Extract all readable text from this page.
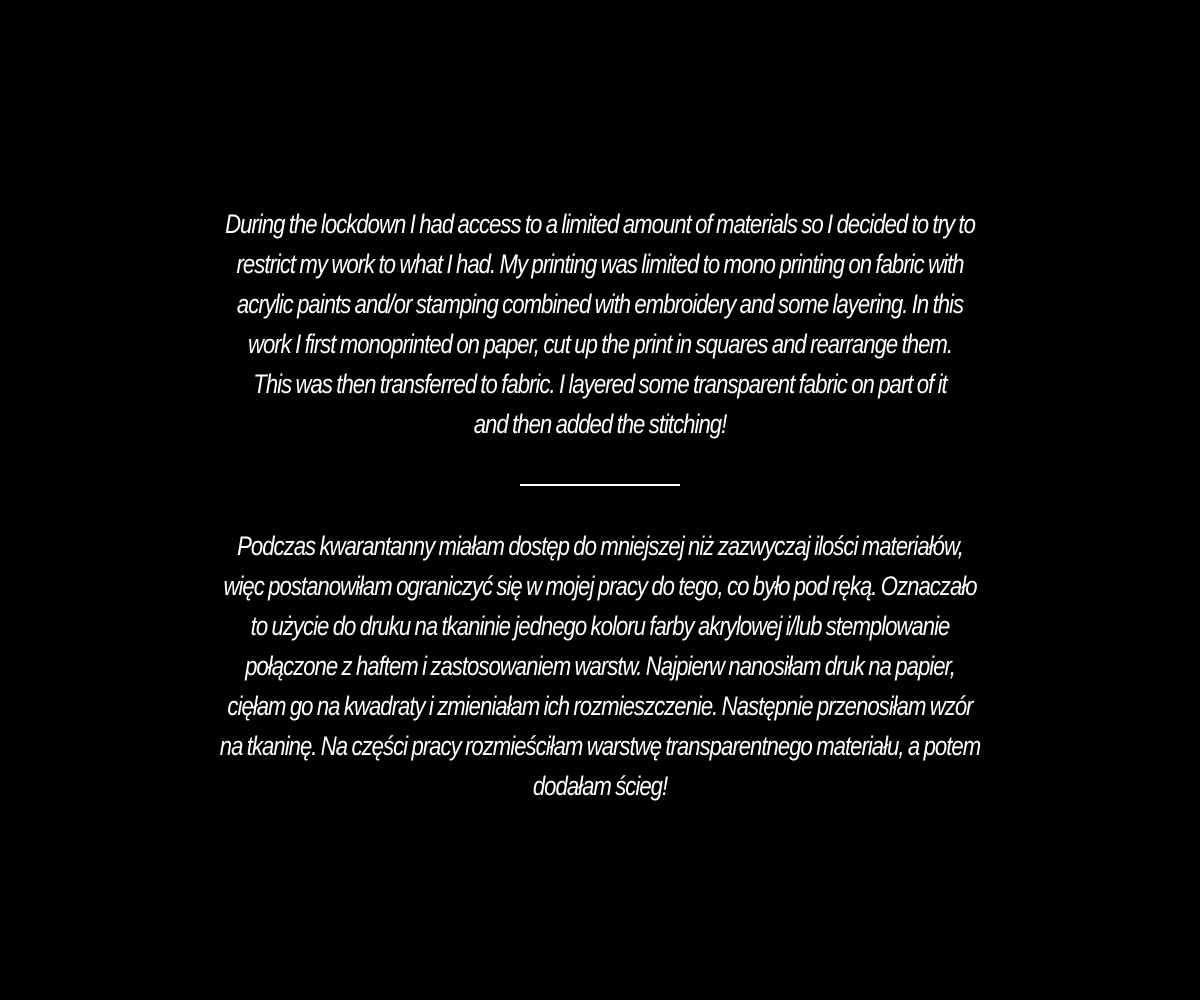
During the lockdown I had access to a limited amount of materials so I decided to try to
restrict my work to what I had. My printing was limited to mono printing on fabric with
acrylic paints and/or stamping combined with embroidery and some layering. In this
work I first monoprinted on paper, cut up the print in squares and rearrange them.
This was then transferred to fabric. I layered some transparent fabric on part of it
and then added the stitching!

Podczas kwarantanny miałam dostęp do mniejszej niż zazwyczaj ilości materiałów,
więc postanowiłam ograniczyć się w mojej pracy do tego, co było pod ręką. Oznaczało
to użycie do druku na tkaninie jednego koloru farby akrylowej i/lub stemplowanie
połączone z haftem i zastosowaniem warstw. Najpierw nanosiłam druk na papier,
cięłam go na kwadraty i zmieniałam ich rozmieszczenie. Następnie przenosiłam wzór
na tkaninę. Na części pracy rozmieściłam warstwę transparentnego materiału, a potem
dodałam ścieg!
